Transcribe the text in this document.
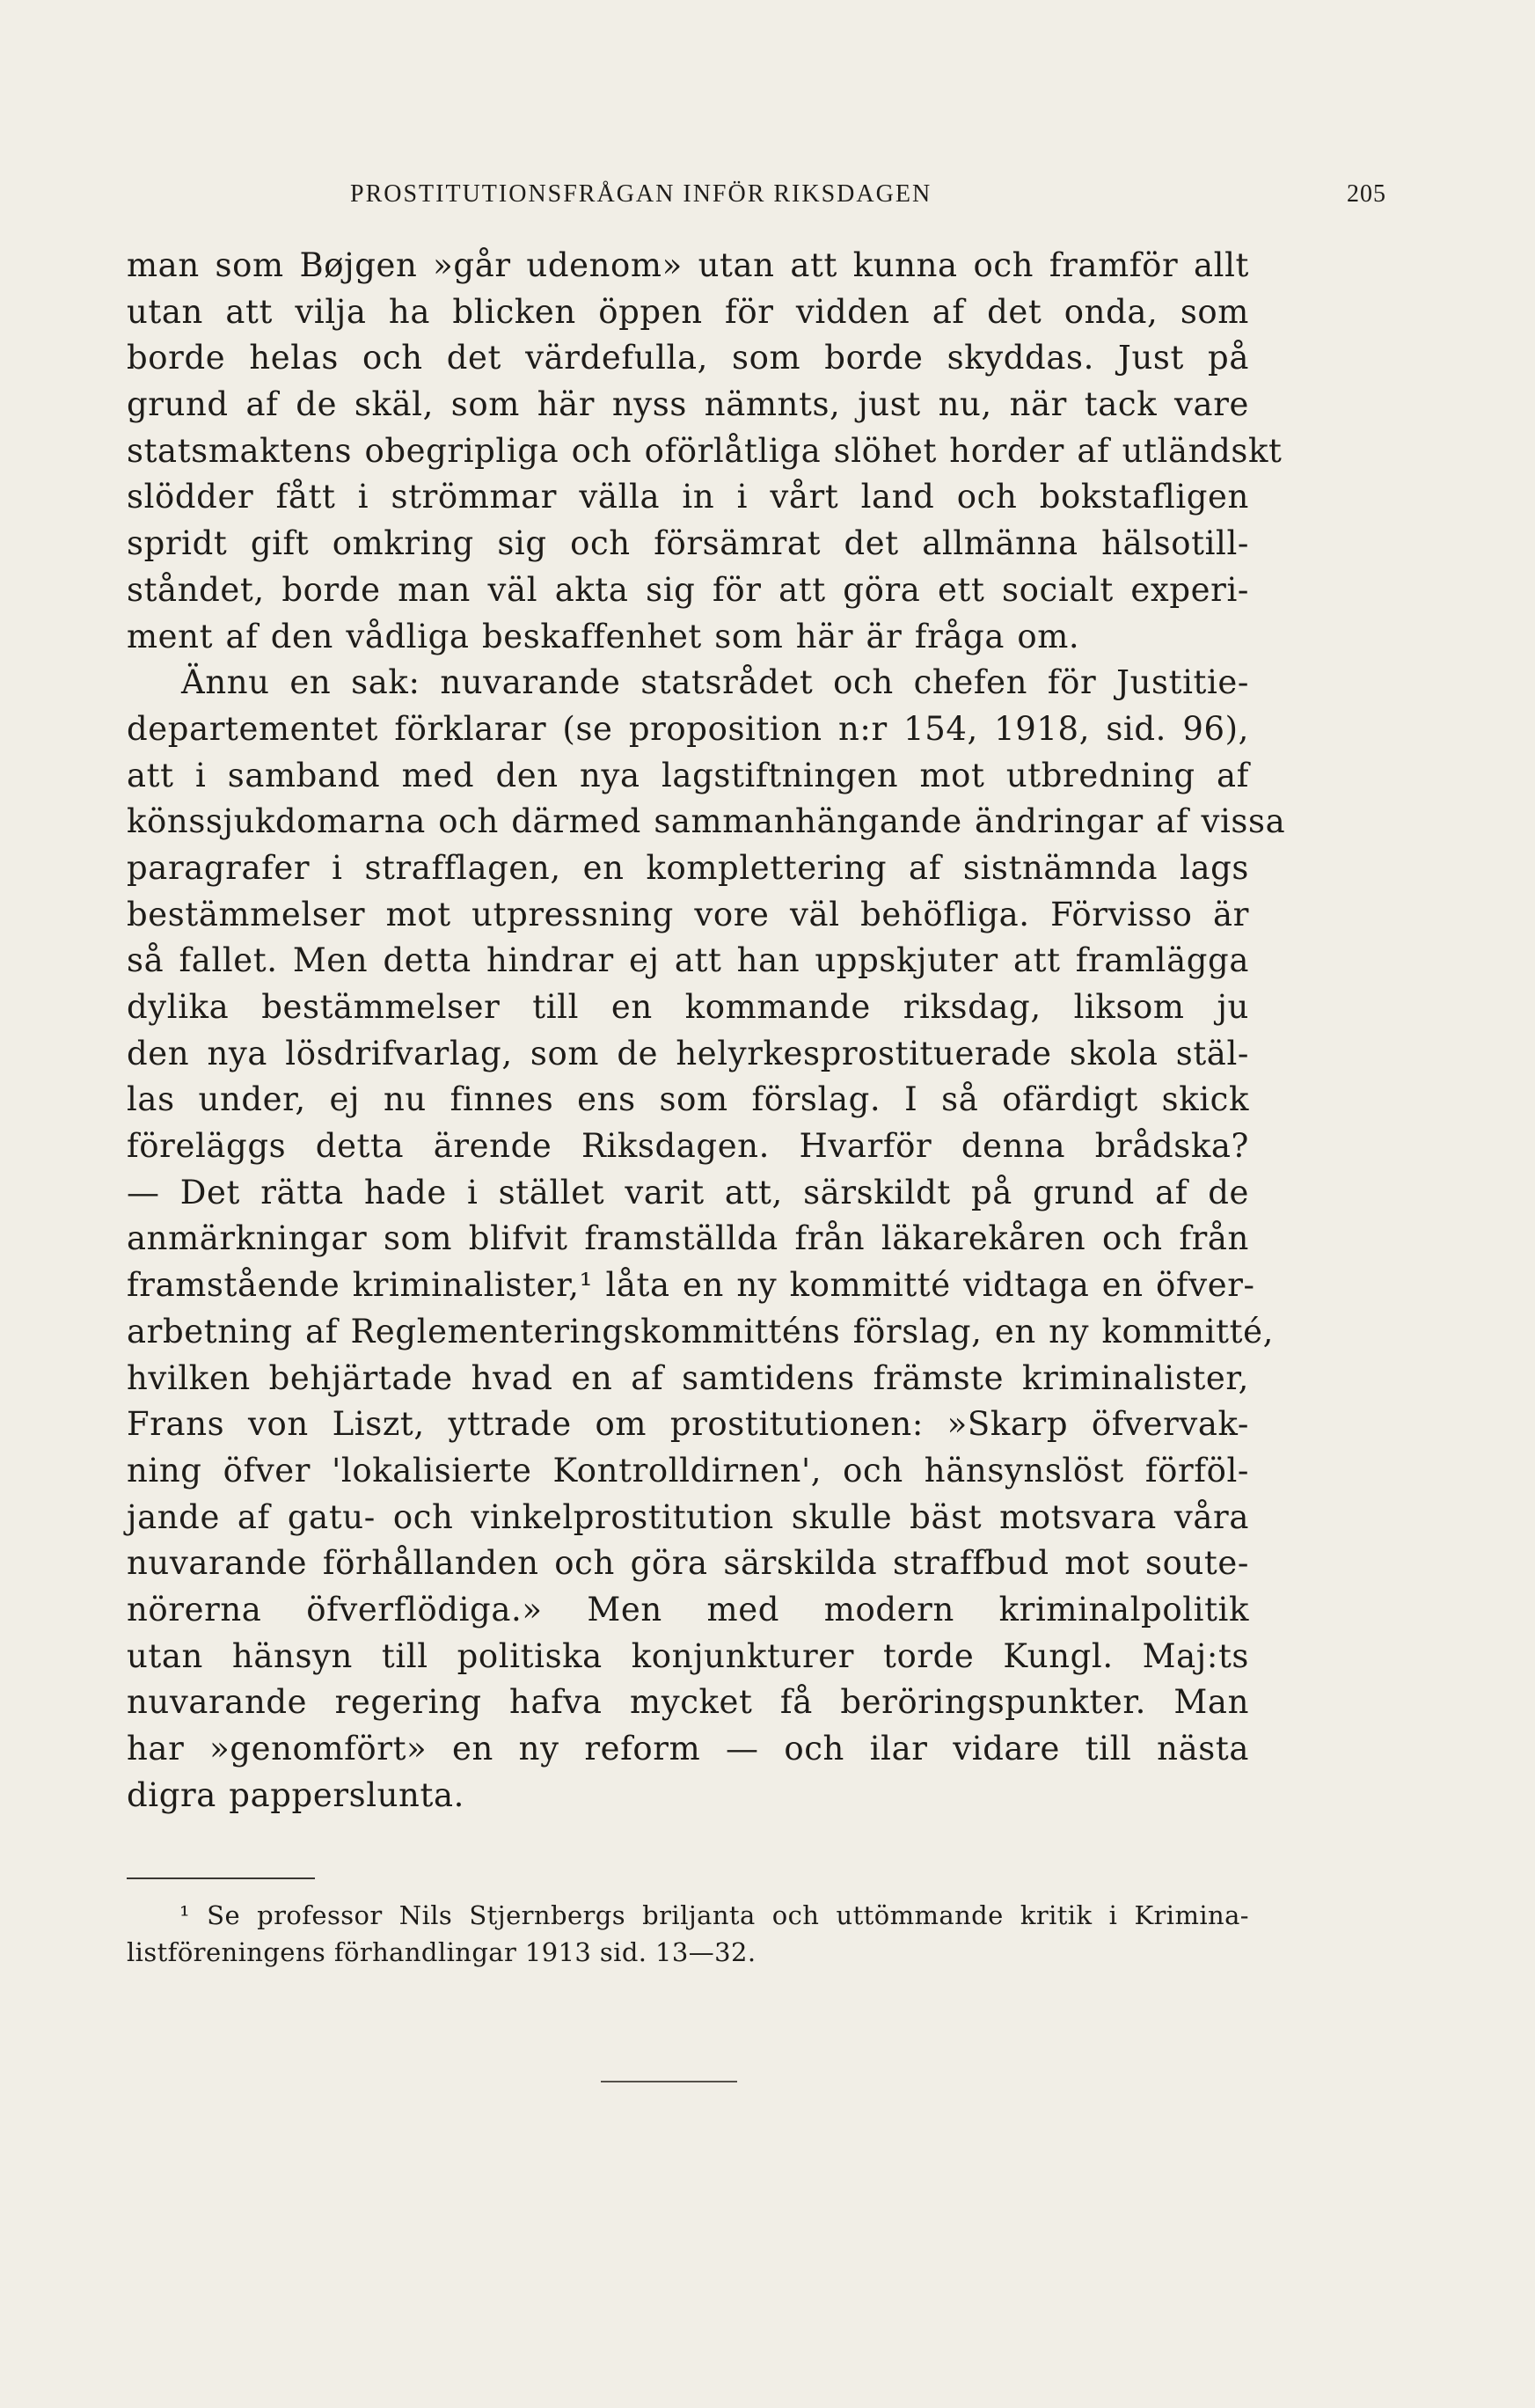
PROSTITUTIONSFRÅGAN INFÖR RIKSDAGEN	205
man som Bøjgen »går udenom» utan att kunna och framför allt
utan att vilja ha blicken öppen för vidden af det onda, som
borde helas och det värdefulla, som borde skyddas. Just på
grund af de skäl, som här nyss nämnts, just nu, när tack vare
statsmaktens obegripliga och oförlåtliga slöhet horder af utländskt
slödder fått i strömmar välla in i vårt land och bokstafligen
spridt gift omkring sig och försämrat det allmänna hälsotill-
ståndet, borde man väl akta sig för att göra ett socialt experi-
ment af den vådliga beskaffenhet som här är fråga om.
Ännu en sak: nuvarande statsrådet och chefen för Justitie-
departementet förklarar (se proposition n:r 154, 1918, sid. 96),
att i samband med den nya lagstiftningen mot utbredning af
könssjukdomarna och därmed sammanhängande ändringar af vissa
paragrafer i strafflagen, en komplettering af sistnämnda lags
bestämmelser mot utpressning vore väl behöfliga. Förvisso är
så fallet. Men detta hindrar ej att han uppskjuter att framlägga
dylika bestämmelser till en kommande riksdag, liksom ju
den nya lösdrifvarlag, som de helyrkesprostituerade skola stäl-
las under, ej nu finnes ens som förslag. I så ofärdigt skick
föreläggs detta ärende Riksdagen. Hvarför denna brådska?
— Det rätta hade i stället varit att, särskildt på grund af de
anmärkningar som blifvit framställda från läkarekåren och från
framstående kriminalister,¹ låta en ny kommitté vidtaga en öfver-
arbetning af Reglementeringskommitténs förslag, en ny kommitté,
hvilken behjärtade hvad en af samtidens främste kriminalister,
Frans von Liszt, yttrade om prostitutionen: »Skarp öfvervak-
ning öfver 'lokalisierte Kontrolldirnen', och hänsynslöst förföl-
jande af gatu- och vinkelprostitution skulle bäst motsvara våra
nuvarande förhållanden och göra särskilda straffbud mot soute-
nörerna öfverflödiga.» Men med modern kriminalpolitik
utan hänsyn till politiska konjunkturer torde Kungl. Maj:ts
nuvarande regering hafva mycket få beröringspunkter. Man
har »genomfört» en ny reform — och ilar vidare till nästa
digra papperslunta.
¹ Se professor Nils Stjernbergs briljanta och uttömmande kritik i Krimina-
listföreningens förhandlingar 1913 sid. 13—32.
